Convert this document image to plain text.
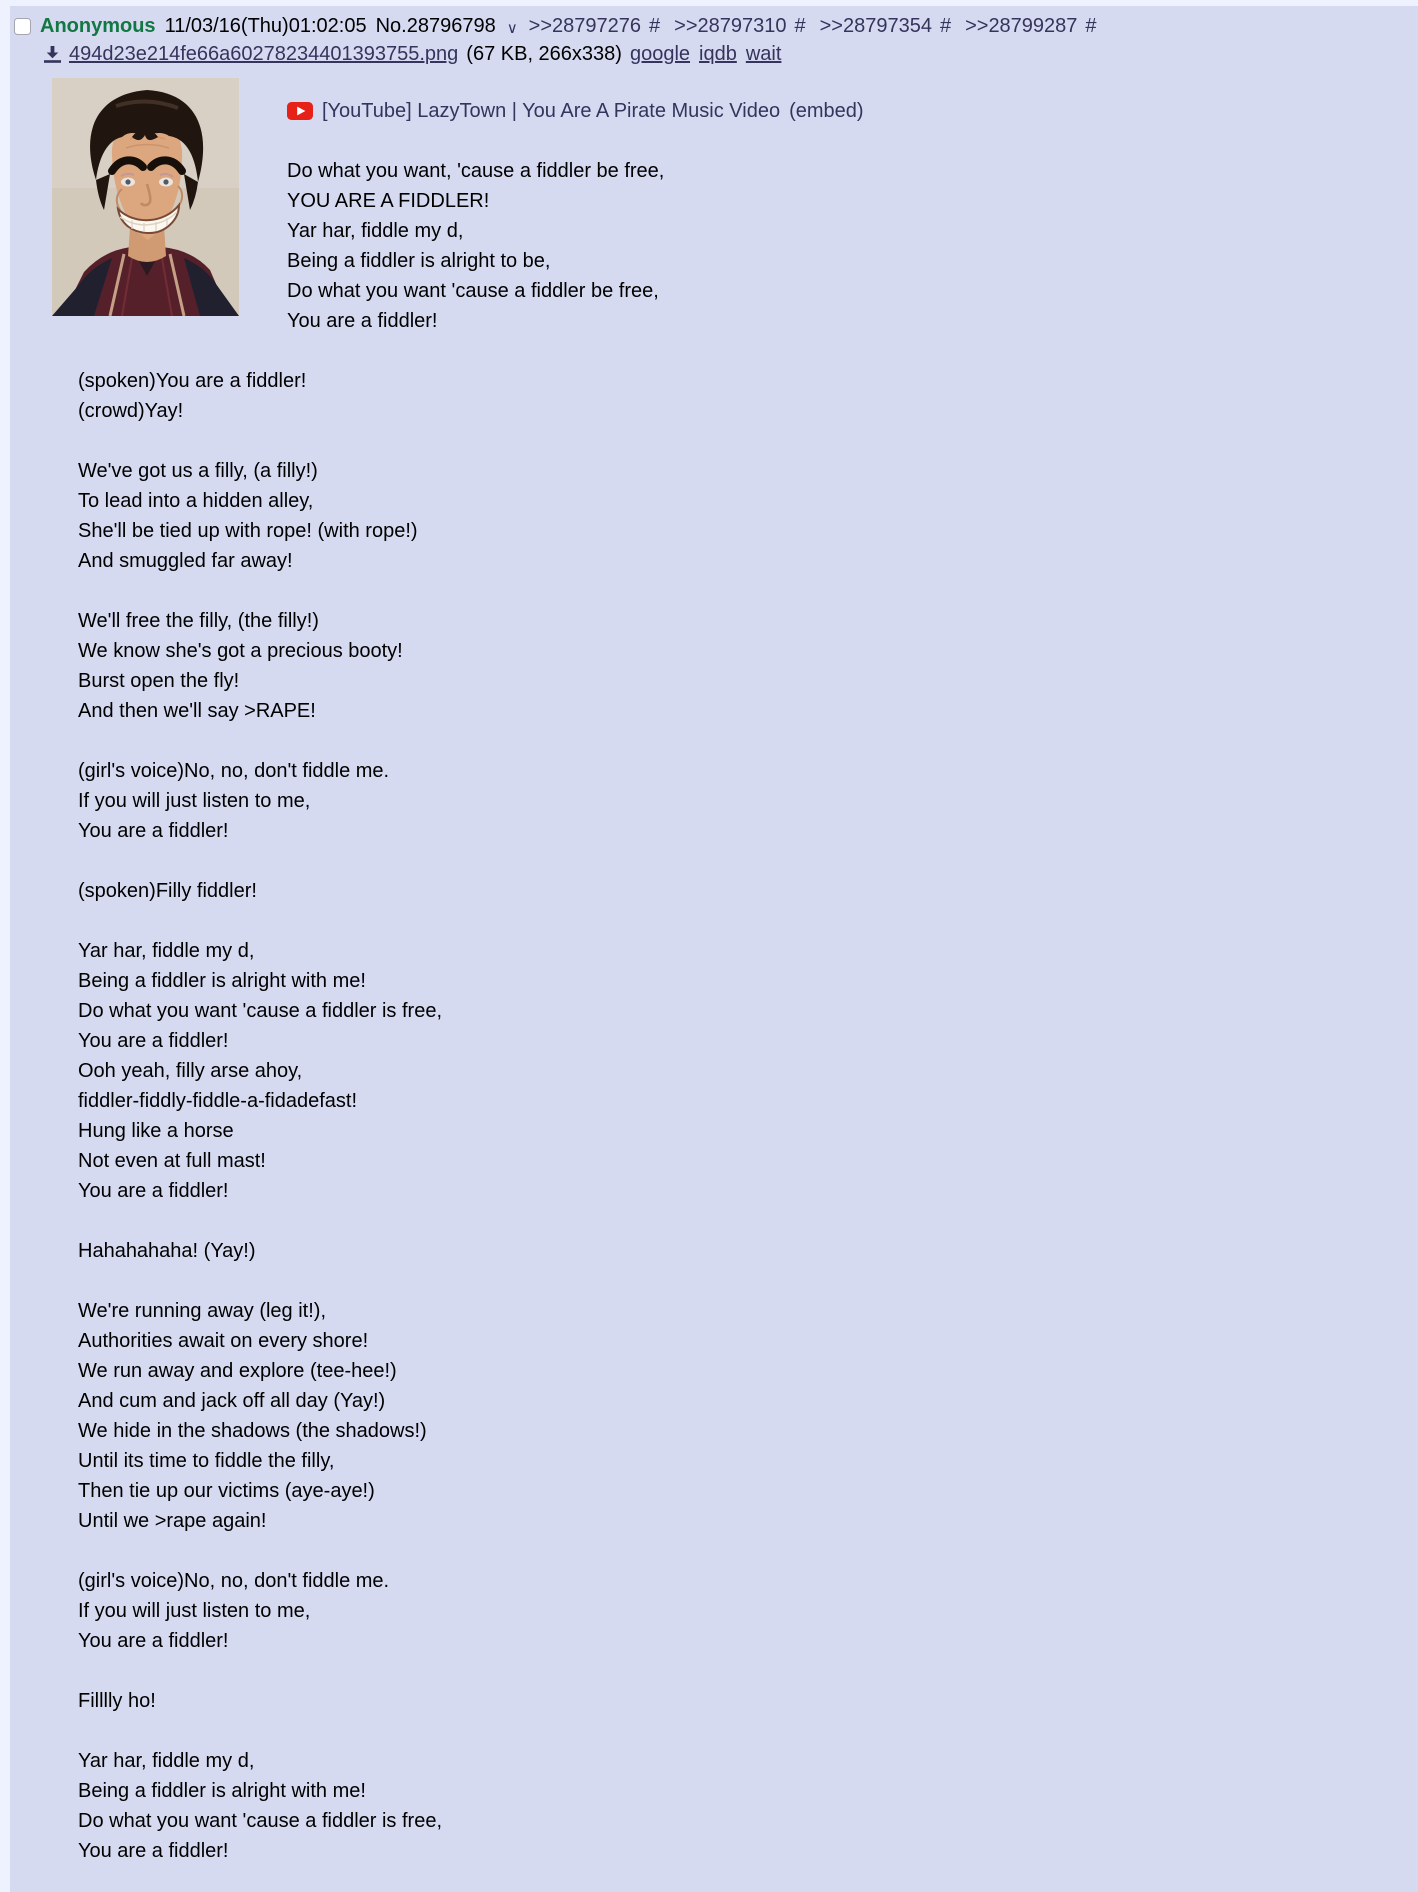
Anonymous 11/03/16(Thu)01:02:05 No.28796798 ∨ >>28797276 # >>28797310 # >>28797354 # >>28799287 #
494d23e214fe66a60278234401393755.png (67 KB, 266x338) google iqdb wait
[YouTube] LazyTown | You Are A Pirate Music Video (embed)

Do what you want, 'cause a fiddler be free,
YOU ARE A FIDDLER!
Yar har, fiddle my d,
Being a fiddler is alright to be,
Do what you want 'cause a fiddler be free,
You are a fiddler!

(spoken)You are a fiddler!
(crowd)Yay!

We've got us a filly, (a filly!)
To lead into a hidden alley,
She'll be tied up with rope! (with rope!)
And smuggled far away!

We'll free the filly, (the filly!)
We know she's got a precious booty!
Burst open the fly!
And then we'll say >RAPE!

(girl's voice)No, no, don't fiddle me.
If you will just listen to me,
You are a fiddler!

(spoken)Filly fiddler!

Yar har, fiddle my d,
Being a fiddler is alright with me!
Do what you want 'cause a fiddler is free,
You are a fiddler!
Ooh yeah, filly arse ahoy,
fiddler-fiddly-fiddle-a-fidadefast!
Hung like a horse
Not even at full mast!
You are a fiddler!

Hahahahaha! (Yay!)

We're running away (leg it!),
Authorities await on every shore!
We run away and explore (tee-hee!)
And cum and jack off all day (Yay!)
We hide in the shadows (the shadows!)
Until its time to fiddle the filly,
Then tie up our victims (aye-aye!)
Until we >rape again!

(girl's voice)No, no, don't fiddle me.
If you will just listen to me,
You are a fiddler!

Filllly ho!

Yar har, fiddle my d,
Being a fiddler is alright with me!
Do what you want 'cause a fiddler is free,
You are a fiddler!
